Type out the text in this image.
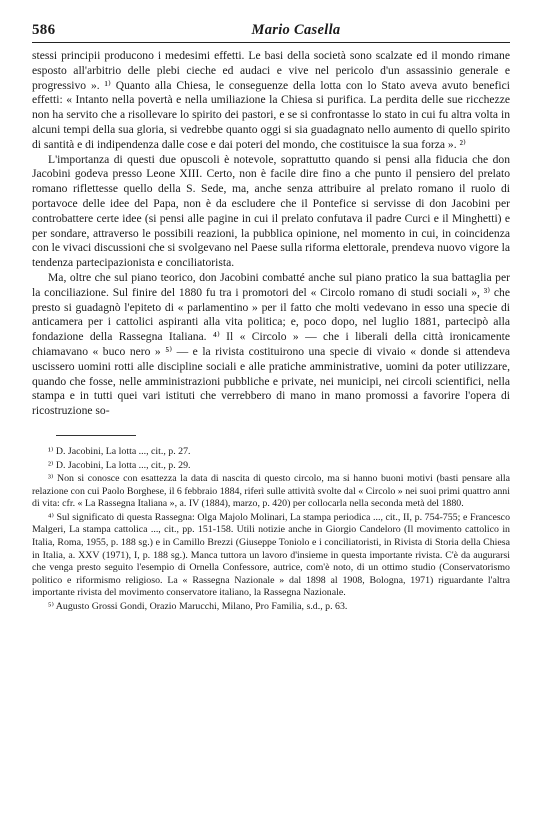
586	Mario Casella

stessi principii producono i medesimi effetti. Le basi della società sono scalzate ed il mondo rimane esposto all'arbitrio delle plebi cieche ed audaci e vive nel pericolo d'un assassinio generale e progressivo ». ¹⁾ Quanto alla Chiesa, le conseguenze della lotta con lo Stato aveva avuto benefici effetti: « Intanto nella povertà e nella umiliazione la Chiesa si purifica. La perdita delle sue ricchezze non ha servito che a risollevare lo spirito dei pastori, e se si confrontasse lo stato in cui fu altra volta in alcuni tempi della sua gloria, si vedrebbe quanto oggi si sia guadagnato nello aumento di quello spirito di santità e di indipendenza dalle cose e dai poteri del mondo, che costituisce la sua forza ». ²⁾

L'importanza di questi due opuscoli è notevole, soprattutto quando si pensi alla fiducia che don Jacobini godeva presso Leone XIII. Certo, non è facile dire fino a che punto il pensiero del prelato romano riflettesse quello della S. Sede, ma, anche senza attribuire al prelato romano il ruolo di portavoce delle idee del Papa, non è da escludere che il Pontefice si servisse di don Jacobini per controbattere certe idee (si pensi alle pagine in cui il prelato confutava il padre Curci e il Minghetti) e per sondare, attraverso le possibili reazioni, la pubblica opinione, nel momento in cui, in coincidenza con le vivaci discussioni che si svolgevano nel Paese sulla riforma elettorale, prendeva nuovo vigore la tendenza partecipazionista e conciliatorista.

Ma, oltre che sul piano teorico, don Jacobini combatté anche sul piano pratico la sua battaglia per la conciliazione. Sul finire del 1880 fu tra i promotori del « Circolo romano di studi sociali », ³⁾ che presto si guadagnò l'epiteto di « parlamentino » per il fatto che molti vedevano in esso una specie di anticamera per i cattolici aspiranti alla vita politica; e, poco dopo, nel luglio 1881, partecipò alla fondazione della Rassegna Italiana. ⁴⁾ Il « Circolo » — che i liberali della città ironicamente chiamavano « buco nero » ⁵⁾ — e la rivista costituirono una specie di vivaio « donde si attendeva uscissero uomini rotti alle discipline sociali e alle pratiche amministrative, uomini da poter utilizzare, quando che fosse, nelle amministrazioni pubbliche e private, nei municipi, nei circoli scientifici, nella stampa e in tutti quei vari istituti che verrebbero di mano in mano promossi a favorire l'opera di ricostruzione so-

¹⁾ D. Jacobini, La lotta ..., cit., p. 27.

²⁾ D. Jacobini, La lotta ..., cit., p. 29.

³⁾ Non si conosce con esattezza la data di nascita di questo circolo, ma si hanno buoni motivi (basti pensare alla relazione con cui Paolo Borghese, il 6 febbraio 1884, riferì sulle attività svolte dal « Circolo » nei suoi primi quattro anni di vita: cfr. « La Rassegna Italiana », a. IV (1884), marzo, p. 420) per collocarla nella seconda metà del 1880.

⁴⁾ Sul significato di questa Rassegna: Olga Majolo Molinari, La stampa periodica ..., cit., II, p. 754-755; e Francesco Malgeri, La stampa cattolica ..., cit., pp. 151-158. Utili notizie anche in Giorgio Candeloro (Il movimento cattolico in Italia, Roma, 1955, p. 188 sg.) e in Camillo Brezzi (Giuseppe Toniolo e i conciliatoristi, in Rivista di Storia della Chiesa in Italia, a. XXV (1971), I, p. 188 sg.). Manca tuttora un lavoro d'insieme in questa importante rivista. C'è da augurarsi che venga presto seguito l'esempio di Ornella Confessore, autrice, com'è noto, di un ottimo studio (Conservatorismo politico e riformismo religioso. La « Rassegna Nazionale » dal 1898 al 1908, Bologna, 1971) riguardante l'altra importante rivista del movimento conservatore italiano, la Rassegna Nazionale.

⁵⁾ Augusto Grossi Gondi, Orazio Marucchi, Milano, Pro Familia, s.d., p. 63.
